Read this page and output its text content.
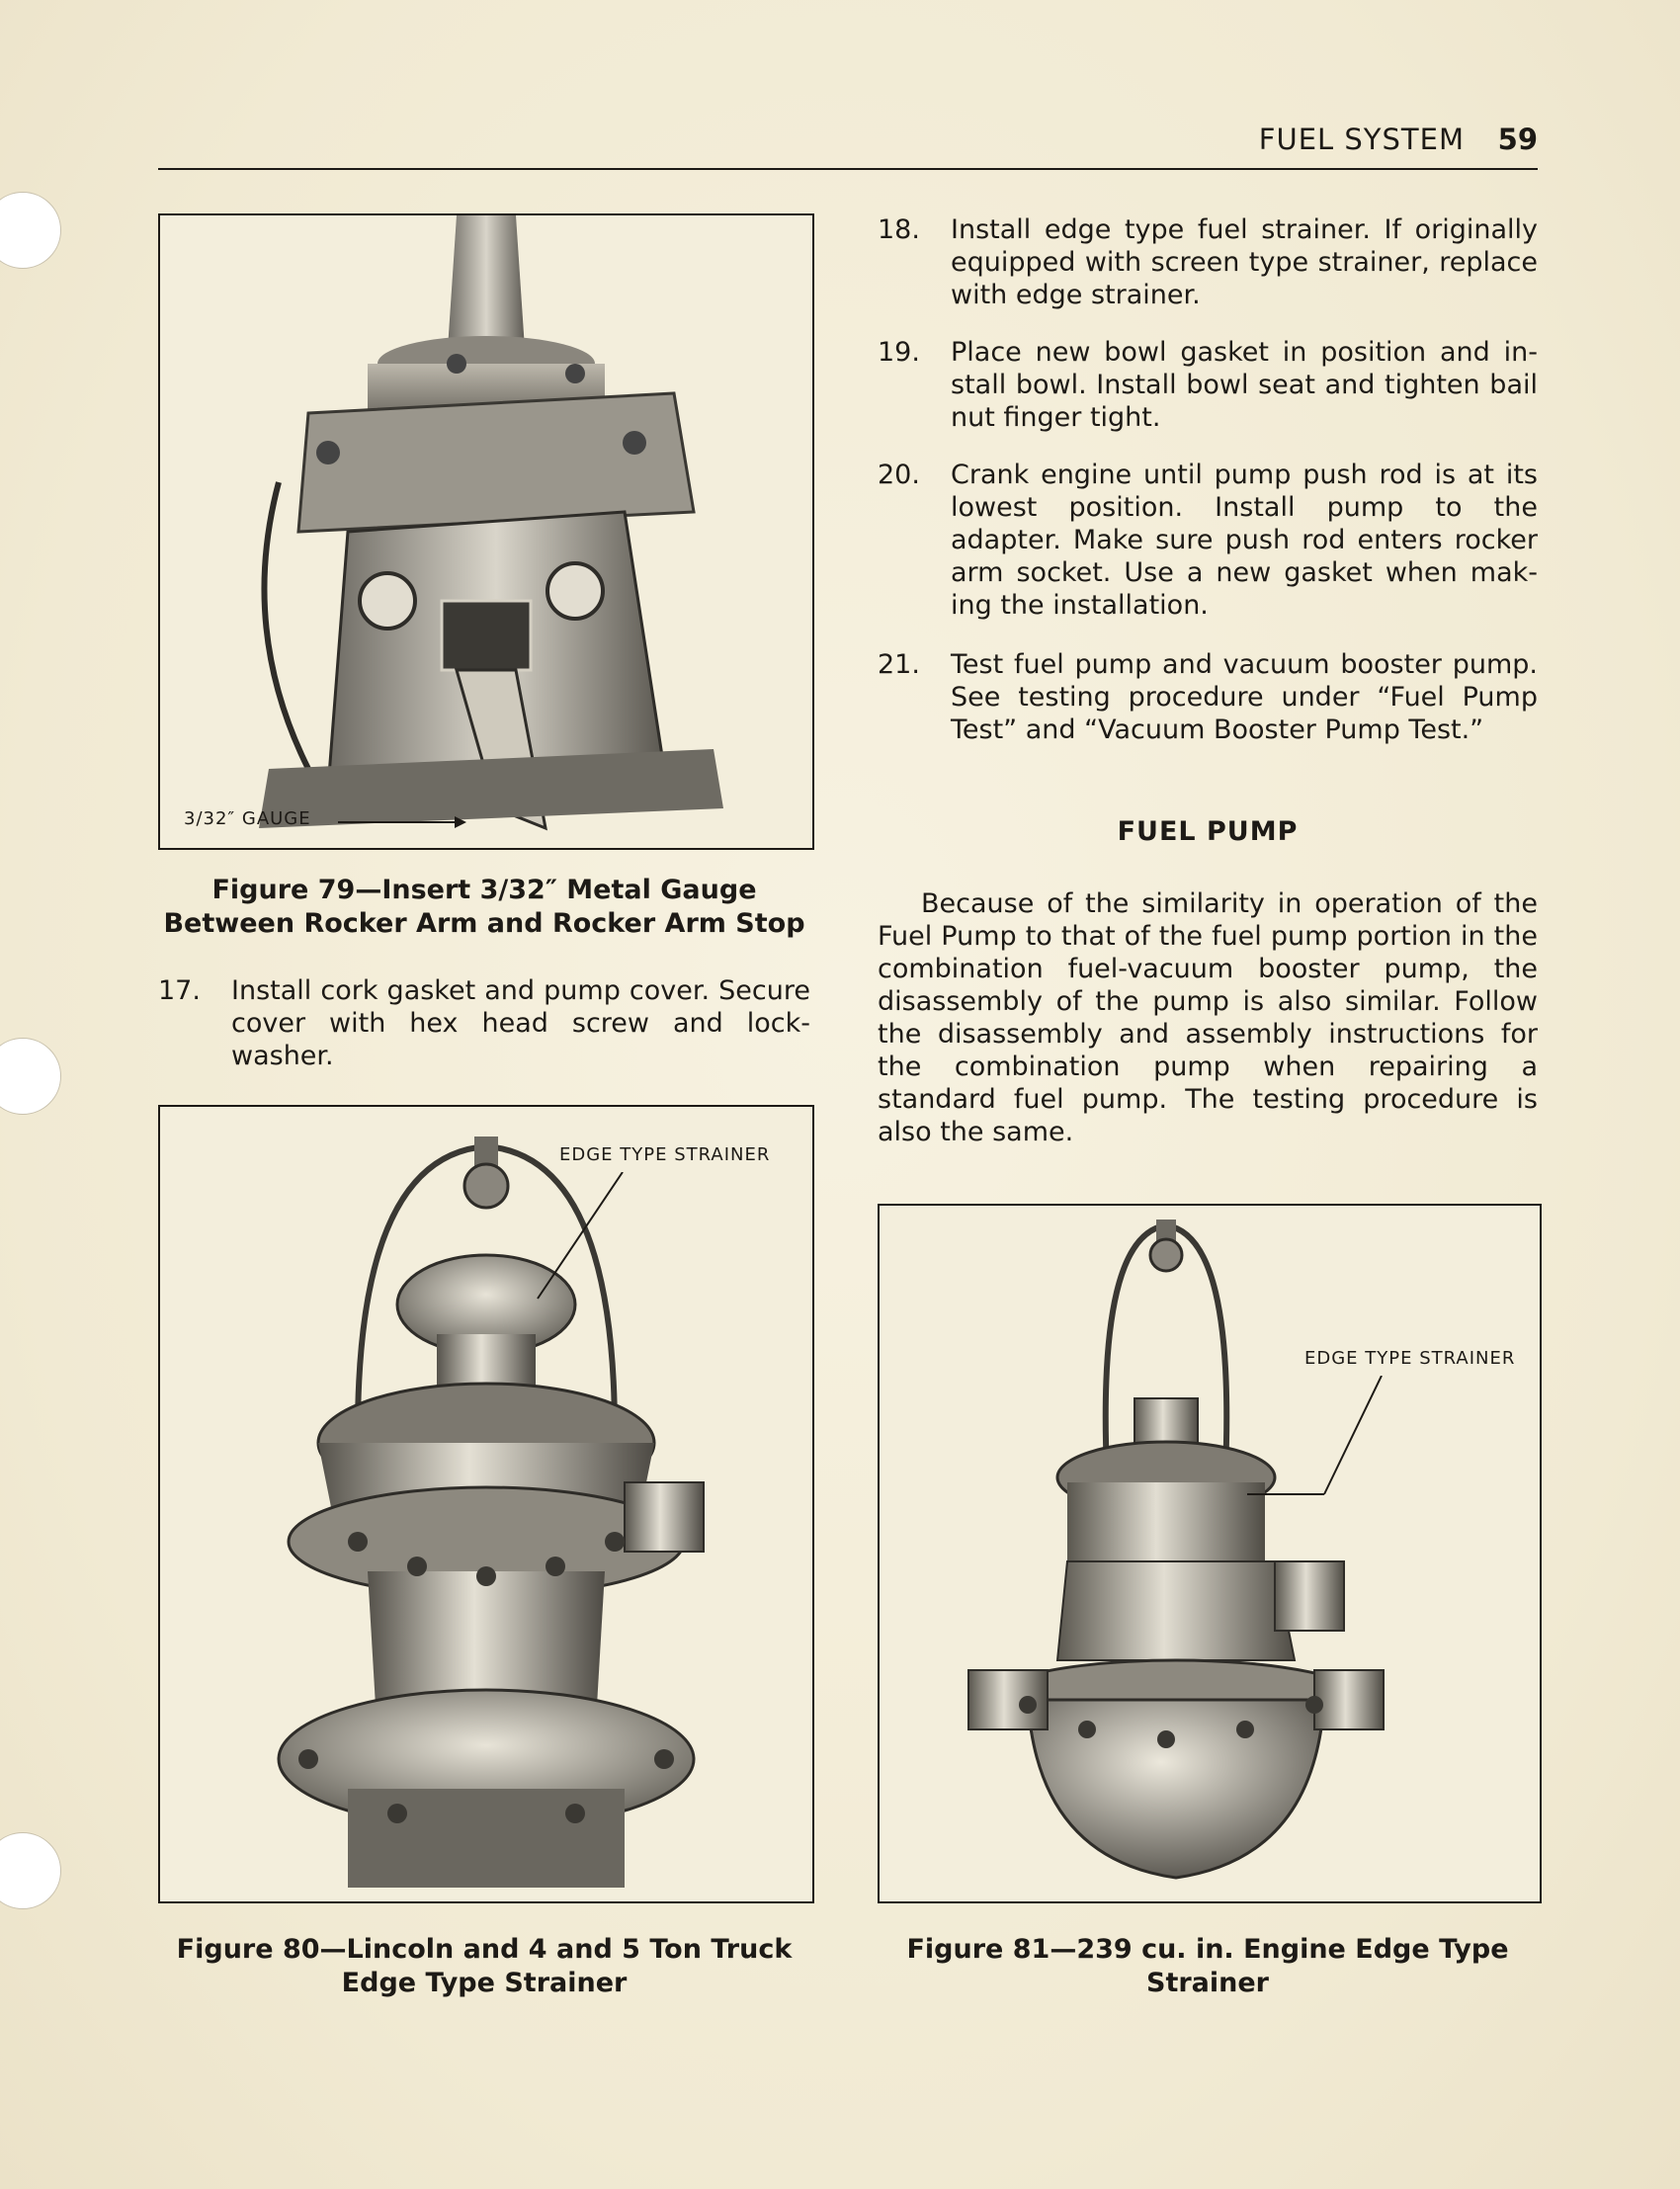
FUEL SYSTEM 59
3/32″ GAUGE
Figure 79—Insert 3/32″ Metal Gauge Between Rocker Arm and Rocker Arm Stop
17. Install cork gasket and pump cover. Secure cover with hex head screw and lockwasher.
EDGE TYPE STRAINER
Figure 80—Lincoln and 4 and 5 Ton Truck Edge Type Strainer
18. Install edge type fuel strainer. If originally equipped with screen type strainer, replace with edge strainer.
19. Place new bowl gasket in position and install bowl. Install bowl seat and tighten bail nut finger tight.
20. Crank engine until pump push rod is at its lowest position. Install pump to the adapter. Make sure push rod enters rocker arm socket. Use a new gasket when making the installation.
21. Test fuel pump and vacuum booster pump. See testing procedure under “Fuel Pump Test” and “Vacuum Booster Pump Test.”
FUEL PUMP
Because of the similarity in operation of the Fuel Pump to that of the fuel pump portion in the combination fuel-vacuum booster pump, the disassembly of the pump is also similar. Follow the disassembly and assembly instructions for the combination pump when repairing a standard fuel pump. The testing procedure is also the same.
EDGE TYPE STRAINER
Figure 81—239 cu. in. Engine Edge Type Strainer
